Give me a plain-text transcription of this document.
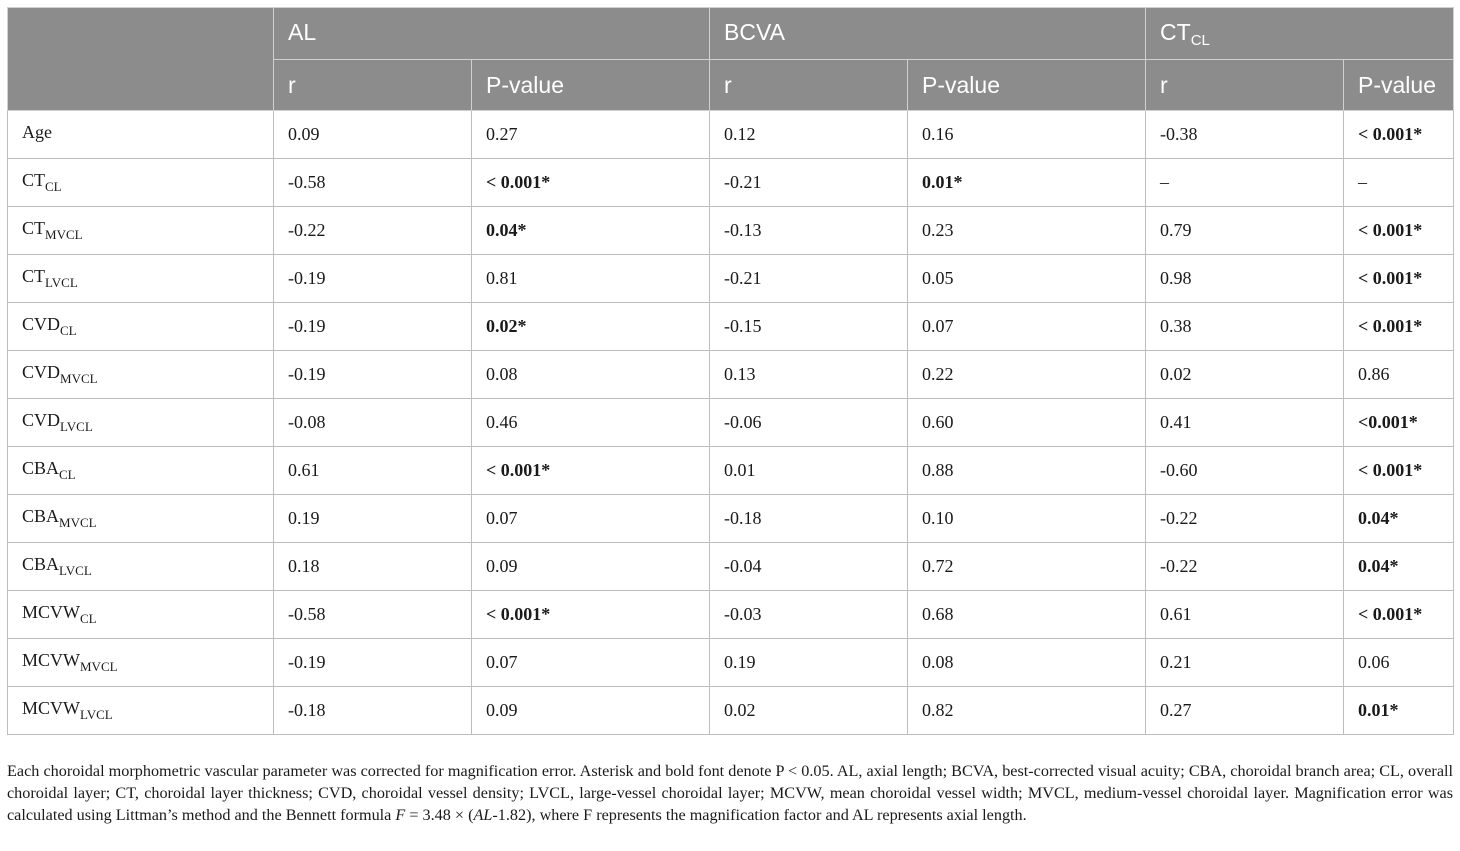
	AL		BCVA		$CT_{CL}$
	r	P-value	r	P-value	r	P-value
Age	0.09	0.27	0.12	0.16	-0.38	< 0.001*
$CT_{CL}$	-0.58	< 0.001*	-0.21	0.01*	–	–
$CT_{MVCL}$	-0.22	0.04*	-0.13	0.23	0.79	< 0.001*
$CT_{LVCL}$	-0.19	0.81	-0.21	0.05	0.98	< 0.001*
$CVD_{CL}$	-0.19	0.02*	-0.15	0.07	0.38	< 0.001*
$CVD_{MVCL}$	-0.19	0.08	0.13	0.22	0.02	0.86
$CVD_{LVCL}$	-0.08	0.46	-0.06	0.60	0.41	<0.001*
$CBA_{CL}$	0.61	< 0.001*	0.01	0.88	-0.60	< 0.001*
$CBA_{MVCL}$	0.19	0.07	-0.18	0.10	-0.22	0.04*
$CBA_{LVCL}$	0.18	0.09	-0.04	0.72	-0.22	0.04*
$MCVW_{CL}$	-0.58	< 0.001*	-0.03	0.68	0.61	< 0.001*
$MCVW_{MVCL}$	-0.19	0.07	0.19	0.08	0.21	0.06
$MCVW_{LVCL}$	-0.18	0.09	0.02	0.82	0.27	0.01*

Each choroidal morphometric vascular parameter was corrected for magnification error. Asterisk and bold font denote P < 0.05. AL, axial length; BCVA, best-corrected visual acuity; CBA, choroidal branch area; CL, overall choroidal layer; CT, choroidal layer thickness; CVD, choroidal vessel density; LVCL, large-vessel choroidal layer; MCVW, mean choroidal vessel width; MVCL, medium-vessel choroidal layer. Magnification error was calculated using Littman’s method and the Bennett formula F = 3.48 × (AL-1.82), where F represents the magnification factor and AL represents axial length.
